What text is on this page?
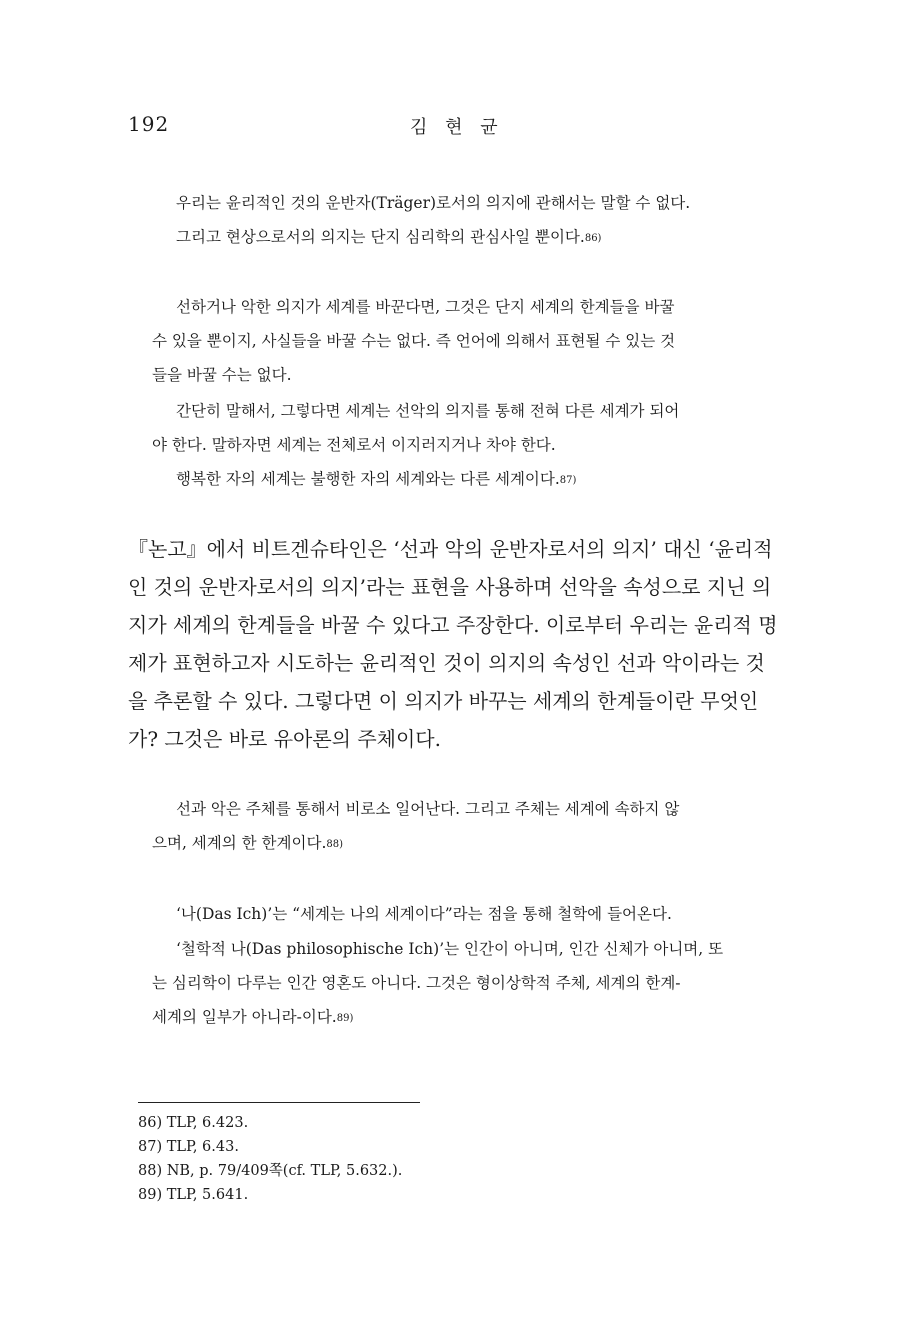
192	김 현 균
우리는 윤리적인 것의 운반자(Träger)로서의 의지에 관해서는 말할 수 없다.
그리고 현상으로서의 의지는 단지 심리학의 관심사일 뿐이다.$^{86)}$
선하거나 악한 의지가 세계를 바꾼다면, 그것은 단지 세계의 한계들을 바꿀
수 있을 뿐이지, 사실들을 바꿀 수는 없다. 즉 언어에 의해서 표현될 수 있는 것
들을 바꿀 수는 없다.
간단히 말해서, 그렇다면 세계는 선악의 의지를 통해 전혀 다른 세계가 되어
야 한다. 말하자면 세계는 전체로서 이지러지거나 차야 한다.
행복한 자의 세계는 불행한 자의 세계와는 다른 세계이다.$^{87)}$
『논고』에서 비트겐슈타인은 ‘선과 악의 운반자로서의 의지’ 대신 ‘윤리적
인 것의 운반자로서의 의지’라는 표현을 사용하며 선악을 속성으로 지닌 의
지가 세계의 한계들을 바꿀 수 있다고 주장한다. 이로부터 우리는 윤리적 명
제가 표현하고자 시도하는 윤리적인 것이 의지의 속성인 선과 악이라는 것
을 추론할 수 있다. 그렇다면 이 의지가 바꾸는 세계의 한계들이란 무엇인
가? 그것은 바로 유아론의 주체이다.
선과 악은 주체를 통해서 비로소 일어난다. 그리고 주체는 세계에 속하지 않
으며, 세계의 한 한계이다.$^{88)}$
‘나(Das Ich)’는 “세계는 나의 세계이다”라는 점을 통해 철학에 들어온다.
‘철학적 나(Das philosophische Ich)’는 인간이 아니며, 인간 신체가 아니며, 또
는 심리학이 다루는 인간 영혼도 아니다. 그것은 형이상학적 주체, 세계의 한계-
세계의 일부가 아니라-이다.$^{89)}$
86) TLP, 6.423.
87) TLP, 6.43.
88) NB, p. 79/409쪽(cf. TLP, 5.632.).
89) TLP, 5.641.
